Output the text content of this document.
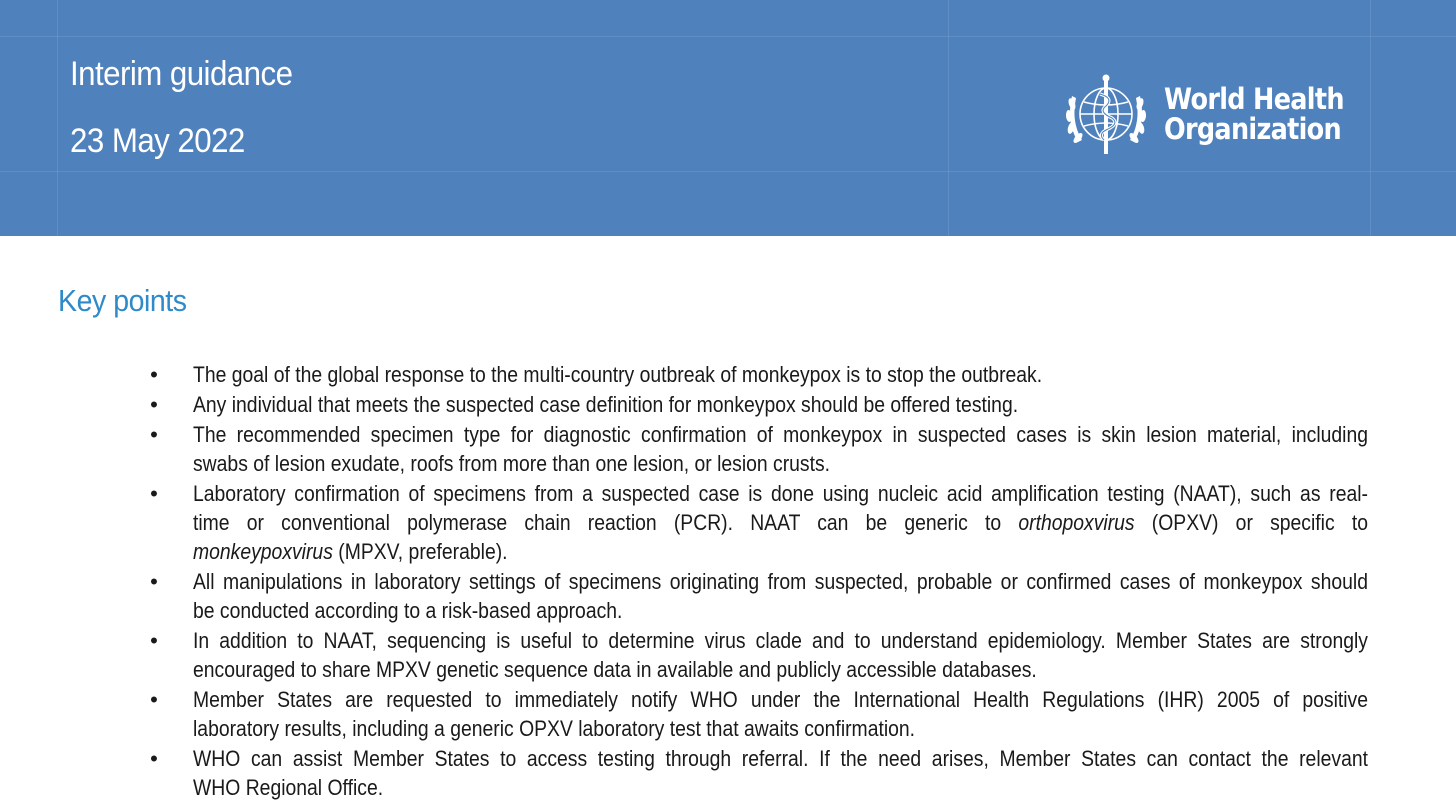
Interim guidance
23 May 2022
World Health
Organization
Key points
• The goal of the global response to the multi-country outbreak of monkeypox is to stop the outbreak.
• Any individual that meets the suspected case definition for monkeypox should be offered testing.
• The recommended specimen type for diagnostic confirmation of monkeypox in suspected cases is skin lesion material, including
swabs of lesion exudate, roofs from more than one lesion, or lesion crusts.
• Laboratory confirmation of specimens from a suspected case is done using nucleic acid amplification testing (NAAT), such as real-
time or conventional polymerase chain reaction (PCR). NAAT can be generic to orthopoxvirus (OPXV) or specific to
monkeypoxvirus (MPXV, preferable).
• All manipulations in laboratory settings of specimens originating from suspected, probable or confirmed cases of monkeypox should
be conducted according to a risk-based approach.
• In addition to NAAT, sequencing is useful to determine virus clade and to understand epidemiology. Member States are strongly
encouraged to share MPXV genetic sequence data in available and publicly accessible databases.
• Member States are requested to immediately notify WHO under the International Health Regulations (IHR) 2005 of positive
laboratory results, including a generic OPXV laboratory test that awaits confirmation.
• WHO can assist Member States to access testing through referral. If the need arises, Member States can contact the relevant
WHO Regional Office.
